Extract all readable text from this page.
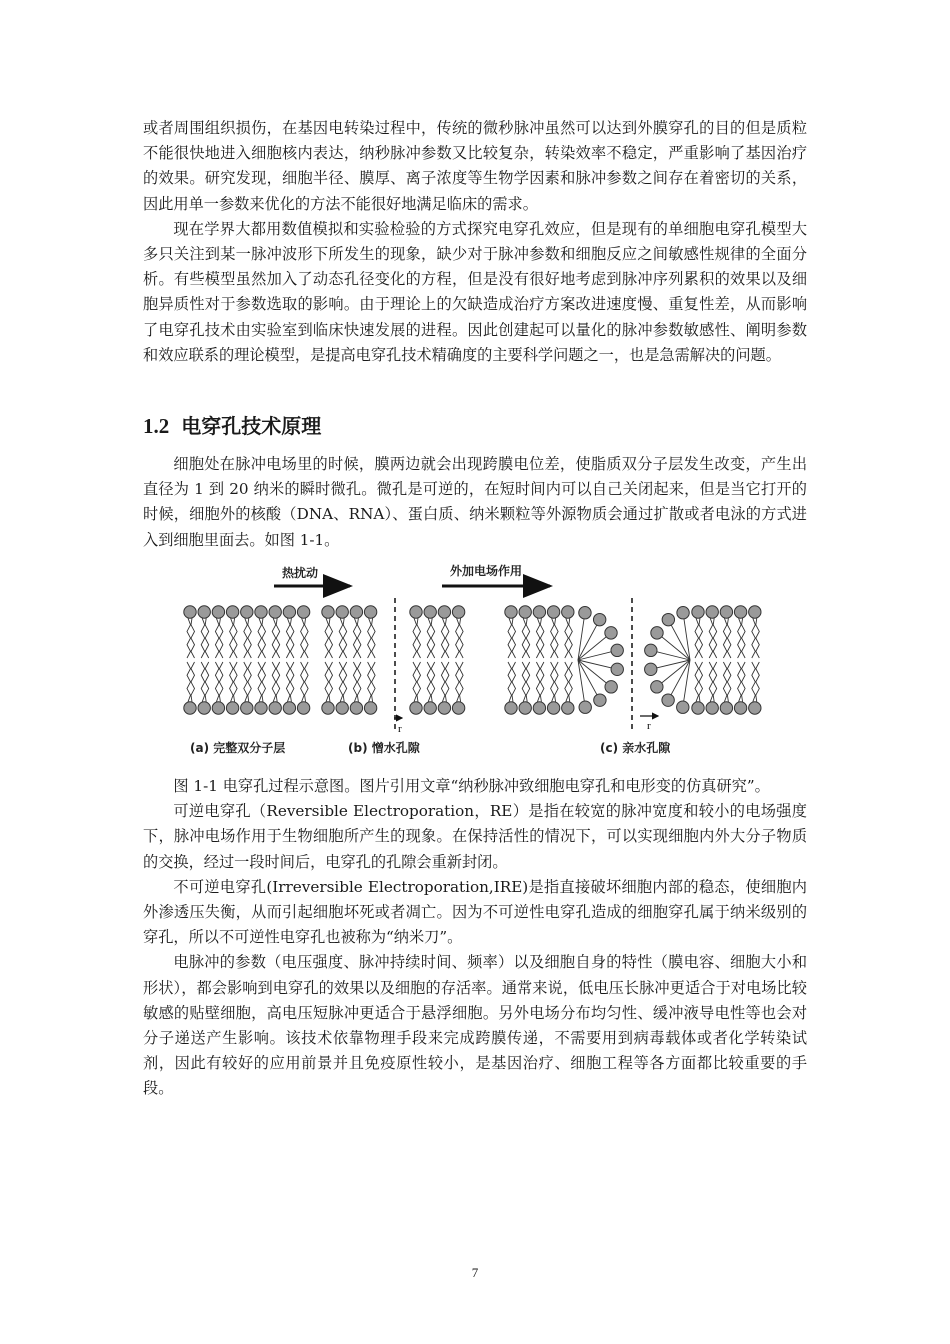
或者周围组织损伤，在基因电转染过程中，传统的微秒脉冲虽然可以达到外膜穿孔的目的但是质粒不能很快地进入细胞核内表达，纳秒脉冲参数又比较复杂，转染效率不稳定，严重影响了基因治疗的效果。研究发现，细胞半径、膜厚、离子浓度等生物学因素和脉冲参数之间存在着密切的关系，因此用单一参数来优化的方法不能很好地满足临床的需求。

现在学界大都用数值模拟和实验检验的方式探究电穿孔效应，但是现有的单细胞电穿孔模型大多只关注到某一脉冲波形下所发生的现象，缺少对于脉冲参数和细胞反应之间敏感性规律的全面分析。有些模型虽然加入了动态孔径变化的方程，但是没有很好地考虑到脉冲序列累积的效果以及细胞异质性对于参数选取的影响。由于理论上的欠缺造成治疗方案改进速度慢、重复性差，从而影响了电穿孔技术由实验室到临床快速发展的进程。因此创建起可以量化的脉冲参数敏感性、阐明参数和效应联系的理论模型，是提高电穿孔技术精确度的主要科学问题之一，也是急需解决的问题。

1.2 电穿孔技术原理

细胞处在脉冲电场里的时候，膜两边就会出现跨膜电位差，使脂质双分子层发生改变，产生出直径为 1 到 20 纳米的瞬时微孔。微孔是可逆的，在短时间内可以自己关闭起来，但是当它打开的时候，细胞外的核酸（DNA、RNA）、蛋白质、纳米颗粒等外源物质会通过扩散或者电泳的方式进入到细胞里面去。如图 1-1。

热扰动	外加电场作用
r	r
(a) 完整双分子层	(b) 憎水孔隙	(c) 亲水孔隙

图 1-1 电穿孔过程示意图。图片引用文章“纳秒脉冲致细胞电穿孔和电形变的仿真研究”。

可逆电穿孔（Reversible Electroporation，RE）是指在较宽的脉冲宽度和较小的电场强度下，脉冲电场作用于生物细胞所产生的现象。在保持活性的情况下，可以实现细胞内外大分子物质的交换，经过一段时间后，电穿孔的孔隙会重新封闭。

不可逆电穿孔(Irreversible Electroporation,IRE)是指直接破坏细胞内部的稳态，使细胞内外渗透压失衡，从而引起细胞坏死或者凋亡。因为不可逆性电穿孔造成的细胞穿孔属于纳米级别的穿孔，所以不可逆性电穿孔也被称为“纳米刀”。

电脉冲的参数（电压强度、脉冲持续时间、频率）以及细胞自身的特性（膜电容、细胞大小和形状），都会影响到电穿孔的效果以及细胞的存活率。通常来说，低电压长脉冲更适合于对电场比较敏感的贴壁细胞，高电压短脉冲更适合于悬浮细胞。另外电场分布均匀性、缓冲液导电性等也会对分子递送产生影响。该技术依靠物理手段来完成跨膜传递，不需要用到病毒载体或者化学转染试剂，因此有较好的应用前景并且免疫原性较小，是基因治疗、细胞工程等各方面都比较重要的手段。

7
